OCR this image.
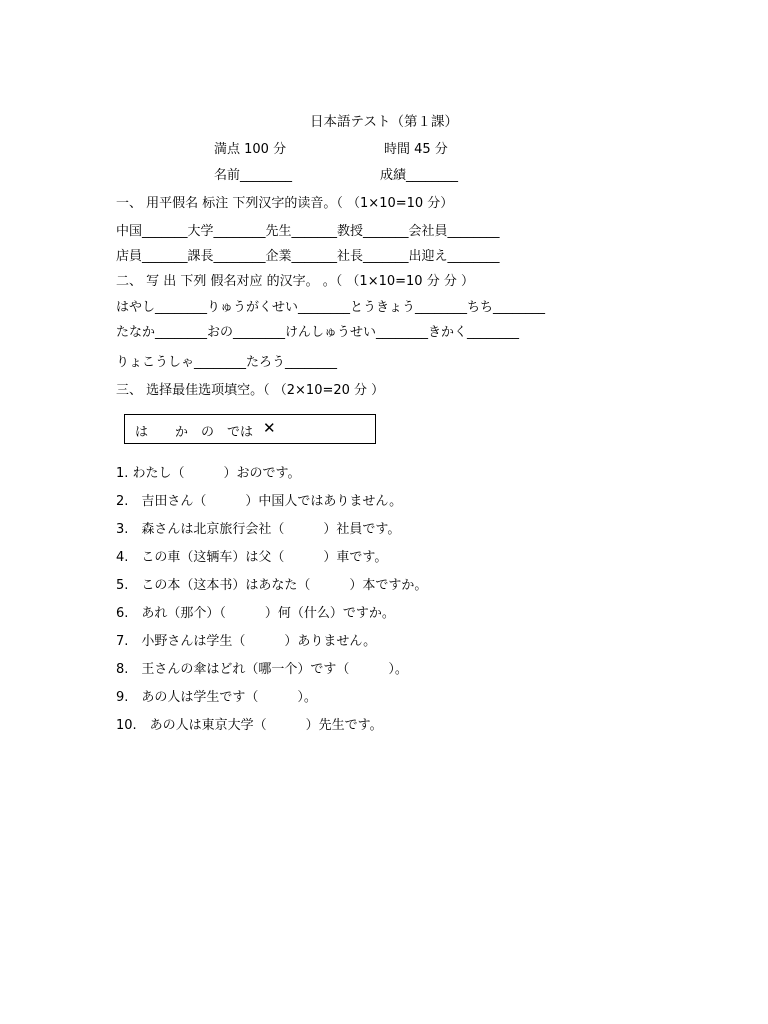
日本語テスト（第１課）
満点 100 分	時間 45 分
名前________	成績________
一、 用平假名 标注 下列汉字的读音。（ （1×10=10 分）
中国_______大学________先生_______教授_______会社員________
店員_______課長________企業_______社長_______出迎え________
二、 写 出 下列 假名对应 的汉字。 。（ （1×10=10 分 分 ）
はやし________りゅうがくせい________とうきょう________ちち________
たなか________おの________けんしゅうせい________きかく________
りょこうしゃ________たろう________
三、 选择最佳选项填空。（ （2×10=20 分 ）
は か の では ✕
1. わたし（　　　）おのです。
2.　吉田さん（　　　）中国人ではありません。
3.　森さんは北京旅行会社（　　　）社員です。
4.　この車（这辆车）は父（　　　）車です。
5.　この本（这本书）はあなた（　　　）本ですか。
6.　あれ（那个）（　　　）何（什么）ですか。
7.　小野さんは学生（　　　）ありません。
8.　王さんの傘はどれ（哪一个）です（　　　）。
9.　あの人は学生です（　　　）。
10.　あの人は東京大学（　　　）先生です。
